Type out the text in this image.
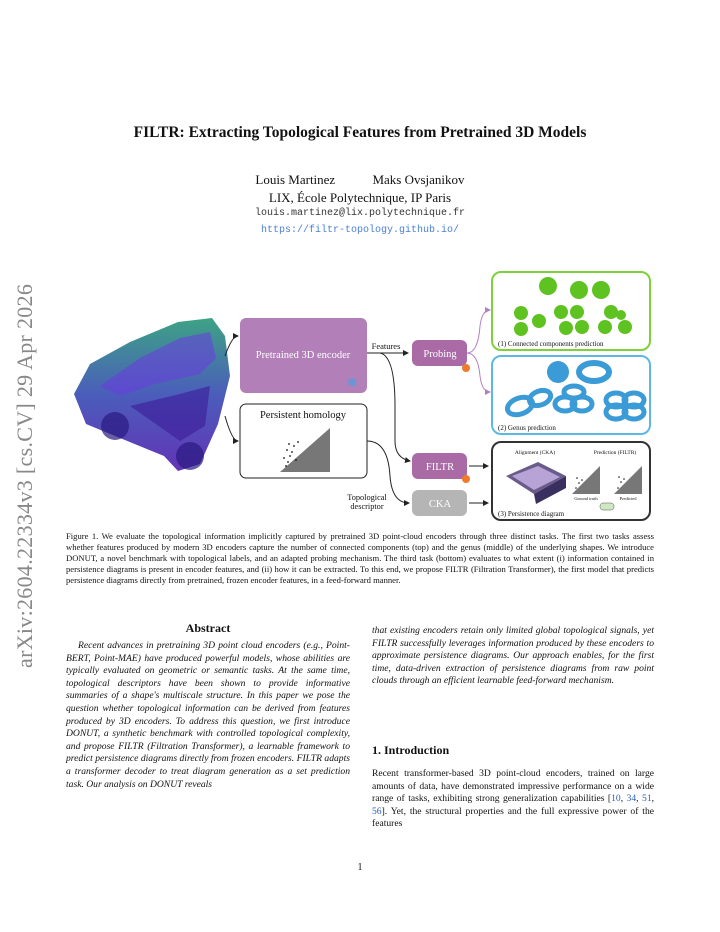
FILTR: Extracting Topological Features from Pretrained 3D Models
Louis Martinez	Maks Ovsjanikov
LIX, École Polytechnique, IP Paris
louis.martinez@lix.polytechnique.fr
https://filtr-topology.github.io/
arXiv:2604.22334v3 [cs.CV] 29 Apr 2026	Pretrained 3D encoder
❄
Persistent homology
Features
Probing
FILTR
CKA
Topological descriptor
(1) Connected components prediction
(2) Genus prediction
Alignment (CKA)	Prediction (FILTR)
Ground truth	Predicted
(3) Persistence diagram
Figure 1. We evaluate the topological information implicitly captured by pretrained 3D point-cloud encoders through three distinct tasks. The first two tasks assess whether features produced by modern 3D encoders capture the number of connected components (top) and the genus (middle) of the underlying shapes. We introduce DONUT, a novel benchmark with topological labels, and an adapted probing mechanism. The third task (bottom) evaluates to what extent (i) information contained in persistence diagrams is present in encoder features, and (ii) how it can be extracted. To this end, we propose FILTR (Filtration Transformer), the first model that predicts persistence diagrams directly from pretrained, frozen encoder features, in a feed-forward manner.
Abstract
Recent advances in pretraining 3D point cloud encoders (e.g., Point-BERT, Point-MAE) have produced powerful models, whose abilities are typically evaluated on geometric or semantic tasks. At the same time, topological descriptors have been shown to provide informative summaries of a shape's multiscale structure. In this paper we pose the question whether topological information can be derived from features produced by 3D encoders. To address this question, we first introduce DONUT, a synthetic benchmark with controlled topological complexity, and propose FILTR (Filtration Transformer), a learnable framework to predict persistence diagrams directly from frozen encoders. FILTR adapts a transformer decoder to treat diagram generation as a set prediction task. Our analysis on DONUT reveals
that existing encoders retain only limited global topological signals, yet FILTR successfully leverages information produced by these encoders to approximate persistence diagrams. Our approach enables, for the first time, data-driven extraction of persistence diagrams from raw point clouds through an efficient learnable feed-forward mechanism.
1. Introduction
Recent transformer-based 3D point-cloud encoders, trained on large amounts of data, have demonstrated impressive performance on a wide range of tasks, exhibiting strong generalization capabilities [10, 34, 51, 56]. Yet, the structural properties and the full expressive power of the features
1
